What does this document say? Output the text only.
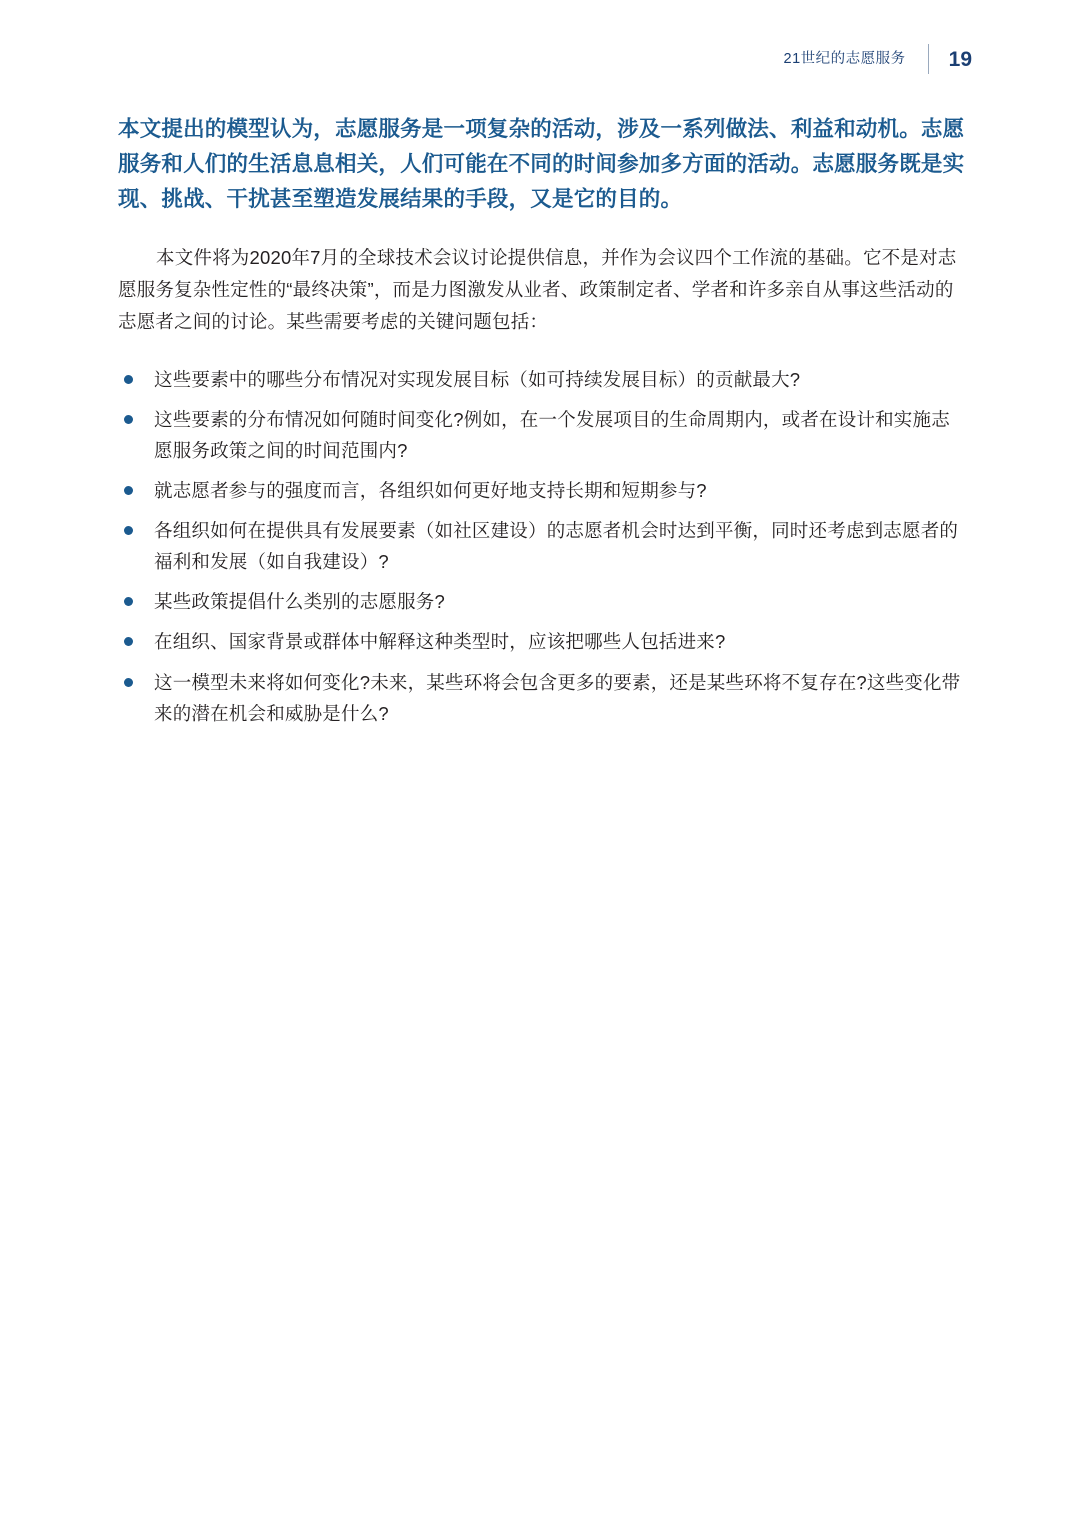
21世纪的志愿服务	19

本文提出的模型认为，志愿服务是一项复杂的活动，涉及一系列做法、利益和动机。志愿服务和人们的生活息息相关，人们可能在不同的时间参加多方面的活动。志愿服务既是实现、挑战、干扰甚至塑造发展结果的手段，又是它的目的。

本文件将为2020年7月的全球技术会议讨论提供信息，并作为会议四个工作流的基础。它不是对志愿服务复杂性定性的“最终决策”，而是力图激发从业者、政策制定者、学者和许多亲自从事这些活动的志愿者之间的讨论。某些需要考虑的关键问题包括：

这些要素中的哪些分布情况对实现发展目标（如可持续发展目标）的贡献最大?
这些要素的分布情况如何随时间变化?例如，在一个发展项目的生命周期内，或者在设计和实施志愿服务政策之间的时间范围内?
就志愿者参与的强度而言，各组织如何更好地支持长期和短期参与?
各组织如何在提供具有发展要素（如社区建设）的志愿者机会时达到平衡，同时还考虑到志愿者的福利和发展（如自我建设）?
某些政策提倡什么类别的志愿服务?
在组织、国家背景或群体中解释这种类型时，应该把哪些人包括进来?
这一模型未来将如何变化?未来，某些环将会包含更多的要素，还是某些环将不复存在?这些变化带来的潜在机会和威胁是什么?
